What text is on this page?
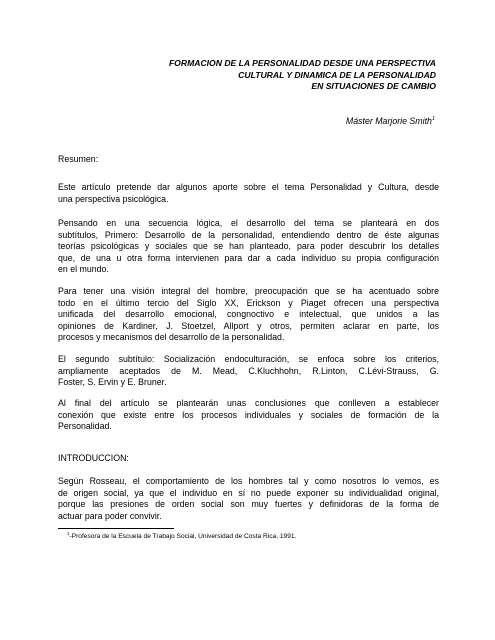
FORMACION DE LA PERSONALIDAD DESDE UNA PERSPECTIVA
CULTURAL Y DINAMICA DE LA PERSONALIDAD
EN SITUACIONES DE CAMBIO
Máster Marjorie Smith$^1$
Resumen:
Este artículo pretende dar algunos aporte sobre el tema Personalidad y Cultura, desde
una perspectiva psicológica.
Pensando en una secuencia lógica, el desarrollo del tema se planteará en dos
subtítulos, Primero: Desarrollo de la personalidad, entendiendo dentro de éste algunas
teorías psicológicas y sociales que se han planteado, para poder descubrir los detalles
que, de una u otra forma intervienen para dar a cada individuo su propia configuración
en el mundo.
Para tener una visión integral del hombre, preocupación que se ha acentuado sobre
todo en el último tercio del Siglo XX, Erickson y Piaget ofrecen una perspectiva
unificada del desarrollo emocional, congnoctivo e intelectual, que unidos a las
opiniones de Kardiner, J. Stoetzel, Allport y otros, permiten aclarar en parte, los
procesos y mecanismos del desarrollo de la personalidad.
El segundo subtítulo: Socialización endoculturación, se enfoca sobre los criterios,
ampliamente aceptados de M. Mead, C.Kluchhohn, R.Linton, C.Lévi-Strauss, G.
Foster, S. Ervin y E. Bruner.
Al final del artículo se plantearán unas conclusiones que conlleven a establecer
conexión que existe entre los procesos individuales y sociales de formación de la
Personalidad.
INTRODUCCION:
Según Rosseau, el comportamiento de los hombres tal y como nosotros lo vemos, es
de origen social, ya que el individuo en sí no puede exponer su individualidad original,
porque las presiones de orden social son muy fuertes y definidoras de la forma de
actuar para poder convivir.
$^1$-Profesora de la Escuela de Trabajo Social, Universidad de Costa Rica, 1991.
